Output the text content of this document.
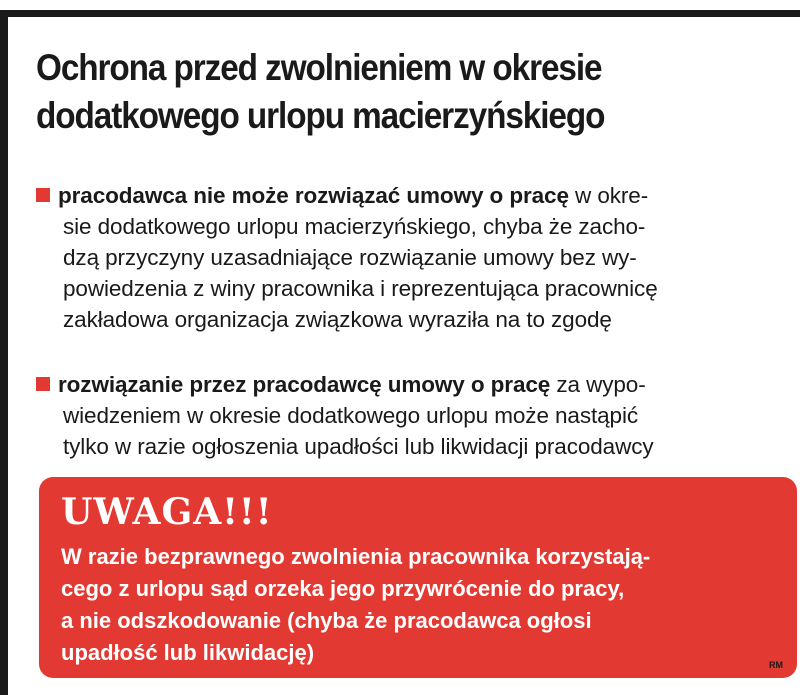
Ochrona przed zwolnieniem w okresie
dodatkowego urlopu macierzyńskiego
pracodawca nie może rozwiązać umowy o pracę w okre-
sie dodatkowego urlopu macierzyńskiego, chyba że zacho-
dzą przyczyny uzasadniające rozwiązanie umowy bez wy-
powiedzenia z winy pracownika i reprezentująca pracownicę
zakładowa organizacja związkowa wyraziła na to zgodę
rozwiązanie przez pracodawcę umowy o pracę za wypo-
wiedzeniem w okresie dodatkowego urlopu może nastąpić
tylko w razie ogłoszenia upadłości lub likwidacji pracodawcy
UWAGA!!!
W razie bezprawnego zwolnienia pracownika korzystają-
cego z urlopu sąd orzeka jego przywrócenie do pracy,
a nie odszkodowanie (chyba że pracodawca ogłosi
upadłość lub likwidację)	RM
